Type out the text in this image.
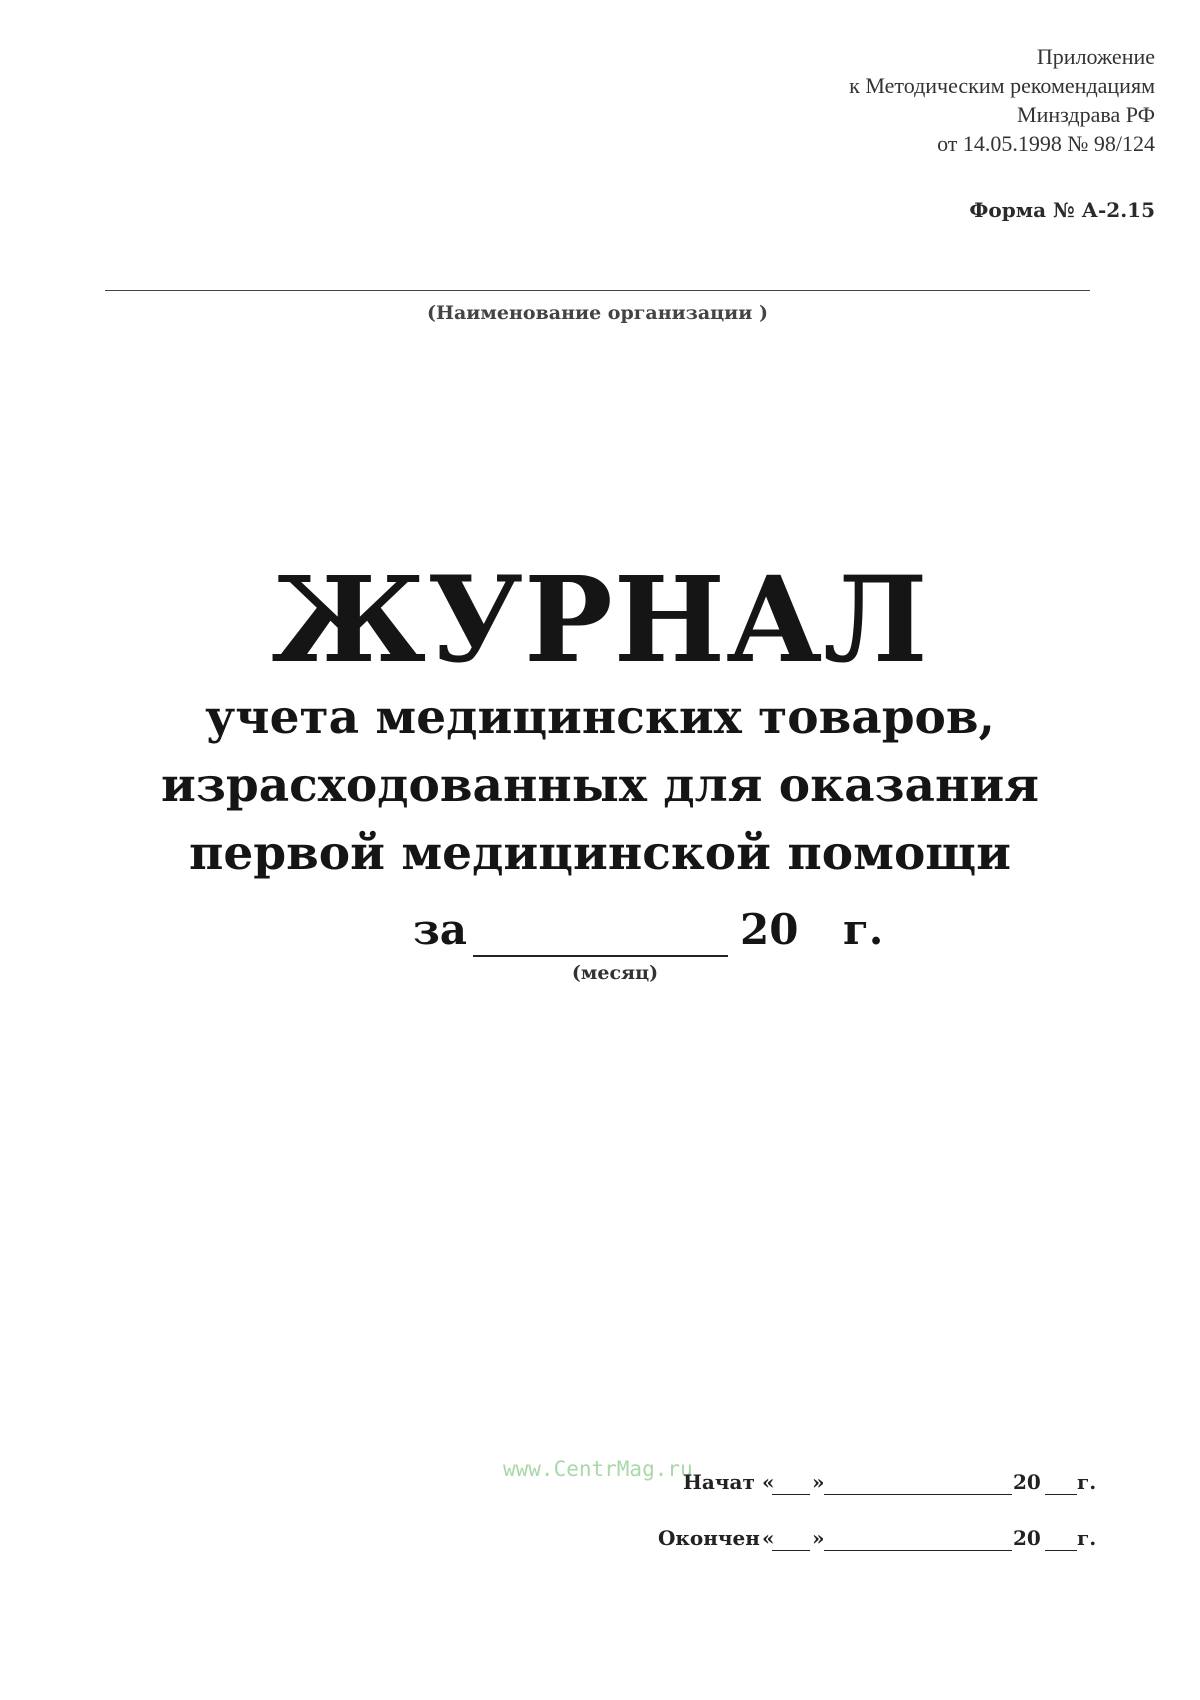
Приложение
к Методическим рекомендациям
Минздрава РФ
от 14.05.1998 № 98/124
Форма № А-2.15
(Наименование организации )
ЖУРНАЛ
учета медицинских товаров,
израсходованных для оказания
первой медицинской помощи
за	20 г.
(месяц)
www.CentrMag.ru
Начат « »	20 г.
Окончен « »	20 г.
